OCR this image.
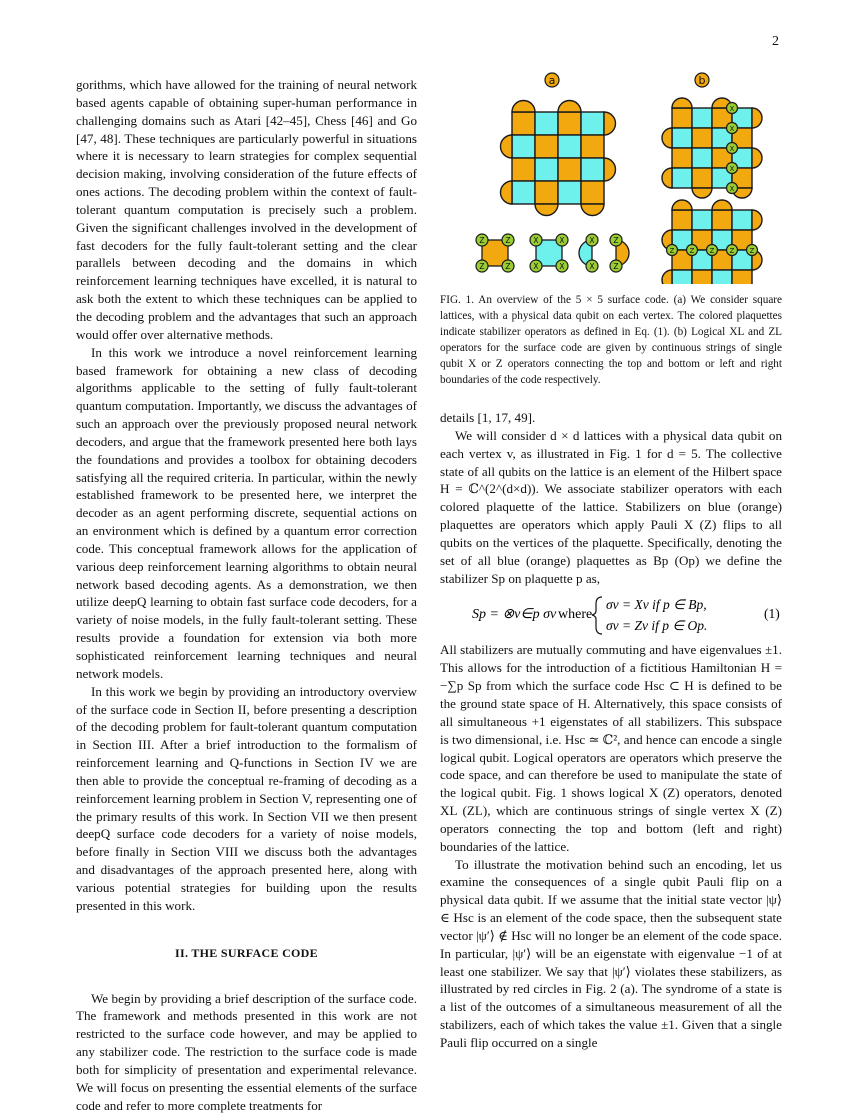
2

gorithms, which have allowed for the training of neural network based agents capable of obtaining super-human performance in challenging domains such as Atari [42–45], Chess [46] and Go [47, 48]. These techniques are particularly powerful in situations where it is necessary to learn strategies for complex sequential decision making, involving consideration of the future effects of ones actions. The decoding problem within the context of fault-tolerant quantum computation is precisely such a problem. Given the significant challenges involved in the development of fast decoders for the fully fault-tolerant setting and the clear parallels between decoding and the domains in which reinforcement learning techniques have excelled, it is natural to ask both the extent to which these techniques can be applied to the decoding problem and the advantages that such an approach would offer over alternative methods.

In this work we introduce a novel reinforcement learning based framework for obtaining a new class of decoding algorithms applicable to the setting of fully fault-tolerant quantum computation. Importantly, we discuss the advantages of such an approach over the previously proposed neural network decoders, and argue that the framework presented here both lays the foundations and provides a toolbox for obtaining decoders satisfying all the required criteria. In particular, within the newly established framework to be presented here, we interpret the decoder as an agent performing discrete, sequential actions on an environment which is defined by a quantum error correction code. This conceptual framework allows for the application of various deep reinforcement learning algorithms to obtain neural network based decoding agents. As a demonstration, we then utilize deepQ learning to obtain fast surface code decoders, for a variety of noise models, in the fully fault-tolerant setting. These results provide a foundation for extension via both more sophisticated reinforcement learning techniques and neural network models.

In this work we begin by providing an introductory overview of the surface code in Section II, before presenting a description of the decoding problem for fault-tolerant quantum computation in Section III. After a brief introduction to the formalism of reinforcement learning and Q-functions in Section IV we are then able to provide the conceptual re-framing of decoding as a reinforcement learning problem in Section V, representing one of the primary results of this work. In Section VII we then present deepQ surface code decoders for a variety of noise models, before finally in Section VIII we discuss both the advantages and disadvantages of the approach presented here, along with various potential strategies for building upon the results presented in this work.

II. THE SURFACE CODE

We begin by providing a brief description of the surface code. The framework and methods presented in this work are not restricted to the surface code however, and may be applied to any stabilizer code. The restriction to the surface code is made both for simplicity of presentation and experimental relevance. We will focus on presenting the essential elements of the surface code and refer to more complete treatments for

a	b
X
X
X
X
X
Z Z Z Z Z
Z	Z
Z	Z
X	X
X	X
X
X
Z
Z
FIG. 1. An overview of the 5 × 5 surface code. (a) We consider square lattices, with a physical data qubit on each vertex. The colored plaquettes indicate stabilizer operators as defined in Eq. (1). (b) Logical XL and ZL operators for the surface code are given by continuous strings of single qubit X or Z operators connecting the top and bottom or left and right boundaries of the code respectively.

details [1, 17, 49].

We will consider d × d lattices with a physical data qubit on each vertex v, as illustrated in Fig. 1 for d = 5. The collective state of all qubits on the lattice is an element of the Hilbert space H = ℂ^(2^(d×d)). We associate stabilizer operators with each colored plaquette of the lattice. Stabilizers on blue (orange) plaquettes are operators which apply Pauli X (Z) flips to all qubits on the vertices of the plaquette. Specifically, denoting the set of all blue (orange) plaquettes as Bp (Op) we define the stabilizer Sp on plaquette p as,

Sp = ⊗v∈p σv where
σv = Xv if p ∈ Bp,
σv = Zv if p ∈ Op.
(1)

All stabilizers are mutually commuting and have eigenvalues ±1. This allows for the introduction of a fictitious Hamiltonian H = −∑p Sp from which the surface code Hsc ⊂ H is defined to be the ground state space of H. Alternatively, this space consists of all simultaneous +1 eigenstates of all stabilizers. This subspace is two dimensional, i.e. Hsc ≃ ℂ², and hence can encode a single logical qubit. Logical operators are operators which preserve the code space, and can therefore be used to manipulate the state of the logical qubit. Fig. 1 shows logical X (Z) operators, denoted XL (ZL), which are continuous strings of single vertex X (Z) operators connecting the top and bottom (left and right) boundaries of the lattice.

To illustrate the motivation behind such an encoding, let us examine the consequences of a single qubit Pauli flip on a physical data qubit. If we assume that the initial state vector |ψ⟩ ∈ Hsc is an element of the code space, then the subsequent state vector |ψ′⟩ ∉ Hsc will no longer be an element of the code space. In particular, |ψ′⟩ will be an eigenstate with eigenvalue −1 of at least one stabilizer. We say that |ψ′⟩ violates these stabilizers, as illustrated by red circles in Fig. 2 (a). The syndrome of a state is a list of the outcomes of a simultaneous measurement of all the stabilizers, each of which takes the value ±1. Given that a single Pauli flip occurred on a single
